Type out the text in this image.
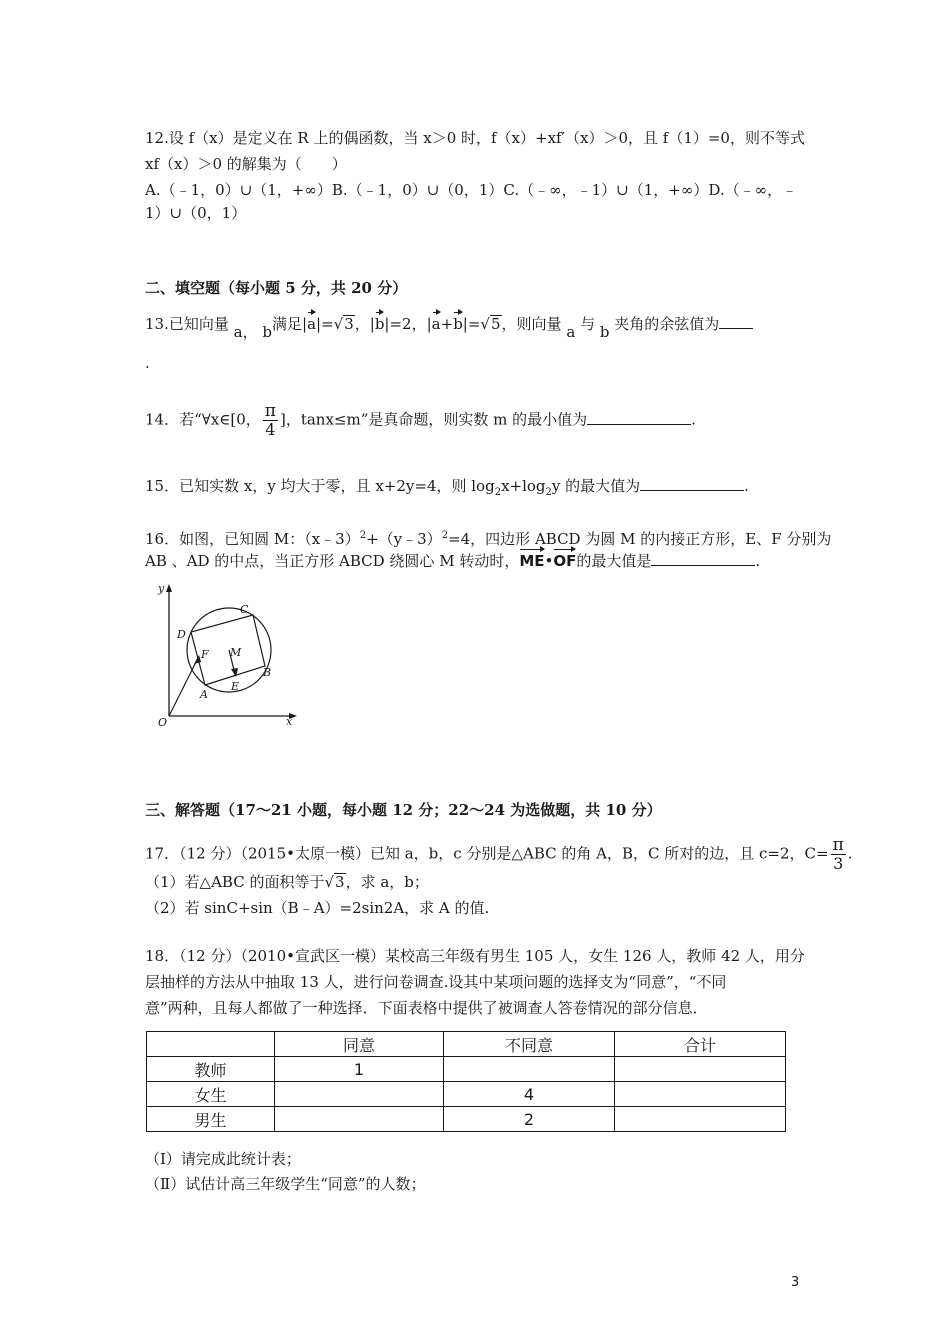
12.设 f（x）是定义在 R 上的偶函数，当 x＞0 时，f（x）+xf′（x）＞0，且 f（1）=0，则不等式
xf（x）＞0 的解集为（　　）
A.（﹣1，0）∪（1，+∞）B.（﹣1，0）∪（0，1）C.（﹣∞，﹣1）∪（1，+∞）D.（﹣∞，﹣
1）∪（0，1）
二、填空题（每小题 5 分，共 20 分）
13.已知向量 a， b满足|a|=√3，|b|=2，|a+b|=√5，则向量 a 与 b 夹角的余弦值为
.
14．若“∀x∈[0， $\frac{\pi}{4}$ ]，tanx≤m”是真命题，则实数 m 的最小值为	.
15．已知实数 x，y 均大于零，且 x+2y=4，则 $\log_2x+\log_2y$ 的最大值为	.
16．如图，已知圆 M：（x﹣3）$^2$+（y﹣3）$^2$=4，四边形 ABCD 为圆 M 的内接正方形，E、F 分别为
AB 、AD 的中点，当正方形 ABCD 绕圆心 M 转动时，ME•OF的最大值是	.
y
x
O
A
B
C
D
E
F M
三、解答题（17～21 小题，每小题 12 分；22～24 为选做题，共 10 分）
17．（12 分）（2015•太原一模）已知 a，b，c 分别是△ABC 的角 A，B，C 所对的边，且 c=2，$C= \frac{\pi}{3}$ .
（1）若△ABC 的面积等于√3，求 a，b；
（2）若 sinC+sin（B﹣A）=2sin2A，求 A 的值.
18．（12 分）（2010•宣武区一模）某校高三年级有男生 105 人，女生 126 人，教师 42 人，用分
层抽样的方法从中抽取 13 人，进行问卷调查.设其中某项问题的选择支为“同意”，“不同
意”两种，且每人都做了一种选择．下面表格中提供了被调查人答卷情况的部分信息．
	同意	不同意	合计
教师	1		
女生		4	
男生		2	
（Ⅰ）请完成此统计表；
（Ⅱ）试估计高三年级学生“同意”的人数；
3
